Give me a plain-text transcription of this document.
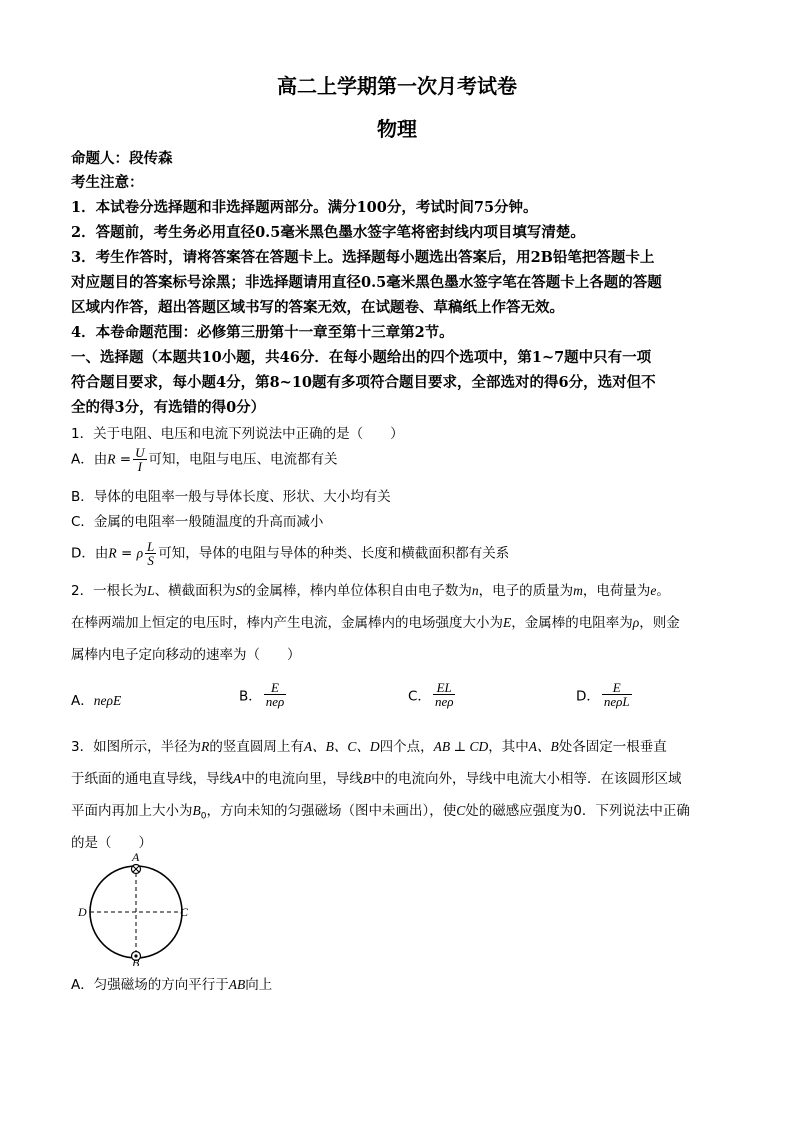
高二上学期第一次月考试卷
物理
命题人：段传森
考生注意：
1．本试卷分选择题和非选择题两部分。满分100分，考试时间75分钟。
2．答题前，考生务必用直径0.5毫米黑色墨水签字笔将密封线内项目填写清楚。
3．考生作答时，请将答案答在答题卡上。选择题每小题选出答案后，用2B铅笔把答题卡上
对应题目的答案标号涂黑；非选择题请用直径0.5毫米黑色墨水签字笔在答题卡上各题的答题
区域内作答，超出答题区域书写的答案无效，在试题卷、草稿纸上作答无效。
4．本卷命题范围：必修第三册第十一章至第十三章第2节。
一、选择题（本题共10小题，共46分．在每小题给出的四个选项中，第1~7题中只有一项
符合题目要求，每小题4分，第8~10题有多项符合题目要求，全部选对的得6分，选对但不
全的得3分，有选错的得0分）
1．关于电阻、电压和电流下列说法中正确的是（　　）
A．由$R = \frac{U}{I}$ 可知，电阻与电压、电流都有关
B．导体的电阻率一般与导体长度、形状、大小均有关
C．金属的电阻率一般随温度的升高而减小
D．由R = ρ $\frac{L}{S}$ 可知，导体的电阻与导体的种类、长度和横截面积都有关系
2．一根长为L、横截面积为S的金属棒，棒内单位体积自由电子数为n，电子的质量为m，电荷量为e。
在棒两端加上恒定的电压时，棒内产生电流，金属棒内的电场强度大小为E，金属棒的电阻率为ρ，则金
属棒内电子定向移动的速率为（　　）
A．neρE	B． $\frac{E}{\text{neρ}}$	C． $\frac{EL}{\text{neρ}}$	D． $\frac{E}{\text{neρL}}$
3．如图所示，半径为R的竖直圆周上有A、B、C、D四个点，AB ⊥ CD，其中A、B处各固定一根垂直
于纸面的通电直导线，导线A中的电流向里，导线B中的电流向外，导线中电流大小相等．在该圆形区域
平面内再加上大小为$B_0$，方向未知的匀强磁场（图中未画出），使C处的磁感应强度为0．下列说法中正确
的是（　　）
A
B
C
D
A．匀强磁场的方向平行于AB向上
